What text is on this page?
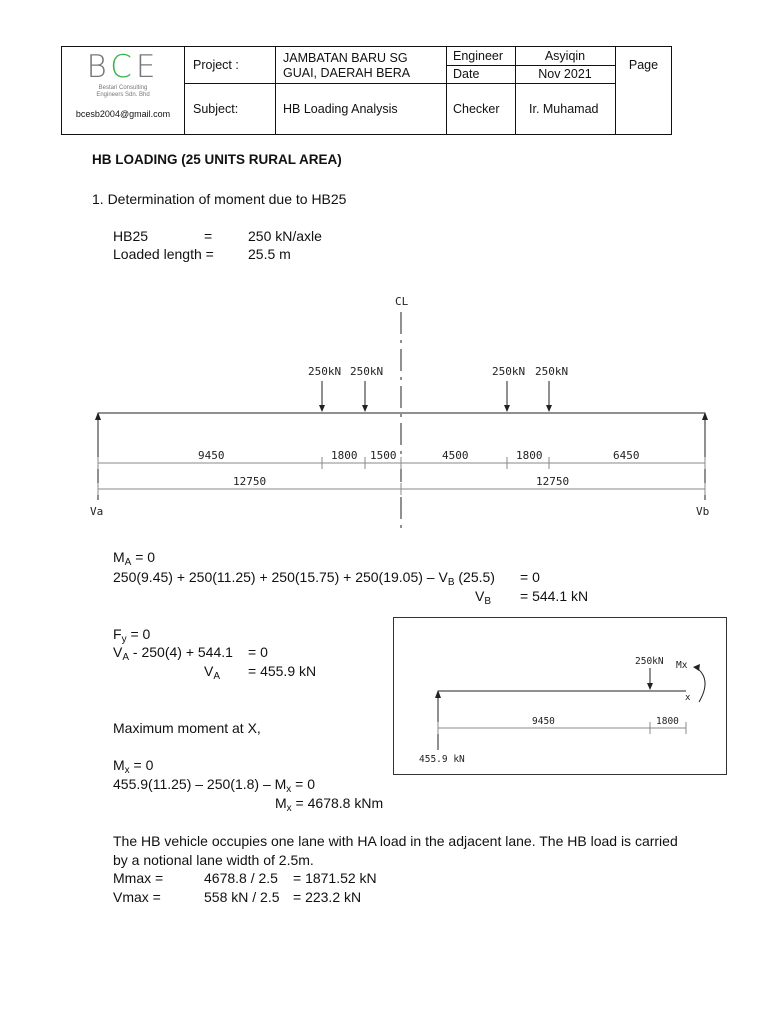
BCE
Bestari Consulting
Engineers Sdn. Bhd
bcesb2004@gmail.com
Project :	JAMBATAN BARU SG
GUAI, DAERAH BERA
Subject:	HB Loading Analysis
Engineer	Asyiqin
Date	Nov 2021
Checker Ir. Muhamad
Page
HB LOADING (25 UNITS RURAL AREA)
1. Determination of moment due to HB25
HB25	=	250 kN/axle
Loaded length = 25.5 m
CL
250kN 250kN	250kN 250kN
9450	1800 1500	4500	1800	6450
12750	12750
Va	Vb
$M_A = 0$
$250(9.45) + 250(11.25) + 250(15.75) + 250(19.05) - V_B$ (25.5) = 0
$V_B = 544.1$ kN
$F_y = 0$
$V_A - 250(4) + 544.1 = 0$
$V_A = 455.9$ kN
Maximum moment at X,
$M_x = 0$
$455.9(11.25) - 250(1.8) - M_x = 0$
$M_x = 4678.8$ kNm
The HB vehicle occupies one lane with HA load in the adjacent lane. The HB load is carried
by a notional lane width of 2.5m.
Mmax =	4678.8 / 2.5 = 1871.52 kN
Vmax =	558 kN / 2.5 = 223.2 kN
250kN Mx
x
9450	1800
455.9 kN
